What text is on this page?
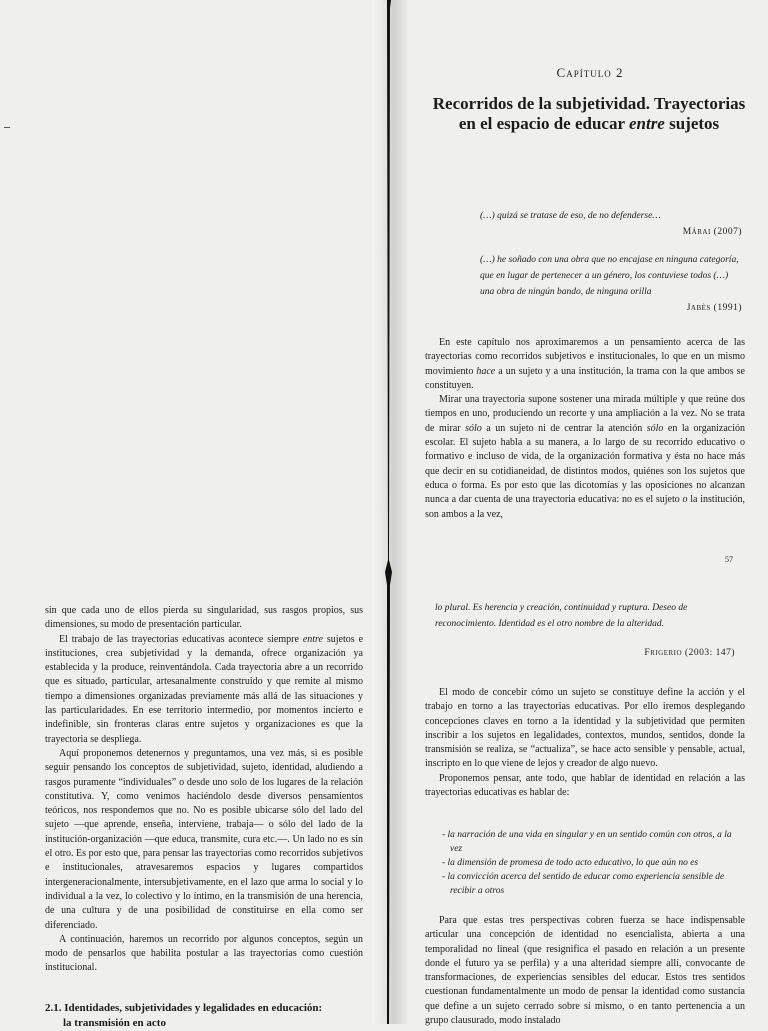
Capítulo 2
Recorridos de la subjetividad. Trayectorias
en el espacio de educar entre sujetos
(…) quizá se tratase de eso, de no defenderse…
Márai (2007)
(…) he soñado con una obra que no encajase en ninguna categoría, que en lugar de pertenecer a un género, los contuviese todos (…) una obra de ningún bando, de ninguna orilla
Jabès (1991)

En este capítulo nos aproximaremos a un pensamiento acerca de las trayectorias como recorridos subjetivos e institucionales, lo que en un mismo movimiento hace a un sujeto y a una institución, la trama con la que ambos se constituyen.

Mirar una trayectoria supone sostener una mirada múltiple y que reúne dos tiempos en uno, produciendo un recorte y una ampliación a la vez. No se trata de mirar sólo a un sujeto ni de centrar la atención sólo en la organización escolar. El sujeto habla a su manera, a lo largo de su recorrido educativo o formativo e incluso de vida, de la organización formativa y ésta no hace más que decir en su cotidianeidad, de distintos modos, quiénes son los sujetos que educa o forma. Es por esto que las dicotomías y las oposiciones no alcanzan nunca a dar cuenta de una trayectoria educativa: no es el sujeto o la institución, son ambos a la vez,

57

sin que cada uno de ellos pierda su singularidad, sus rasgos propios, sus dimensiones, su modo de presentación particular.

El trabajo de las trayectorias educativas acontece siempre entre sujetos e instituciones, crea subjetividad y la demanda, ofrece organización ya establecida y la produce, reinventándola. Cada trayectoria abre a un recorrido que es situado, particular, artesanalmente construido y que remite al mismo tiempo a dimensiones organizadas previamente más allá de las situaciones y las particularidades. En ese territorio intermedio, por momentos incierto e indefinible, sin fronteras claras entre sujetos y organizaciones es que la trayectoria se despliega.

Aquí proponemos detenernos y preguntamos, una vez más, si es posible seguir pensando los conceptos de subjetividad, sujeto, identidad, aludiendo a rasgos puramente “individuales” o desde uno solo de los lugares de la relación constitutiva. Y, como venimos haciéndolo desde diversos pensamientos teóricos, nos respondemos que no. No es posible ubicarse sólo del lado del sujeto —que aprende, enseña, interviene, trabaja— o sólo del lado de la institución-organización —que educa, transmite, cura etc.—. Un lado no es sin el otro. Es por esto que, para pensar las trayectorias como recorridos subjetivos e institucionales, atravesaremos espacios y lugares compartidos intergeneracionalmente, intersubjetivamente, en el lazo que arma lo social y lo individual a la vez, lo colectivo y lo íntimo, en la transmisión de una herencia, de una cultura y de una posibilidad de constituirse en ella como ser diferenciado.

A continuación, haremos un recorrido por algunos conceptos, según un modo de pensarlos que habilita postular a las trayectorias como cuestión institucional.

2.1. Identidades, subjetividades y legalidades en educación:
la transmisión en acto
lo plural. Es herencia y creación, continuidad y ruptura. Deseo de reconocimiento. Identidad es el otro nombre de la alteridad.
Frigerio (2003: 147)

El modo de concebir cómo un sujeto se constituye define la acción y el trabajo en torno a las trayectorias educativas. Por ello iremos desplegando concepciones claves en torno a la identidad y la subjetividad que permiten inscribir a los sujetos en legalidades, contextos, mundos, sentidos, donde la transmisión se realiza, se “actualiza”, se hace acto sensible y pensable, actual, inscripto en lo que viene de lejos y creador de algo nuevo.

Proponemos pensar, ante todo, que hablar de identidad en relación a las trayectorias educativas es hablar de:

- la narración de una vida en singular y en un sentido común con otros, a la vez
- la dimensión de promesa de todo acto educativo, lo que aún no es
- la convicción acerca del sentido de educar como experiencia sensible de recibir a otros

Para que estas tres perspectivas cobren fuerza se hace indispensable articular una concepción de identidad no esencialista, abierta a una temporalidad no lineal (que resignifica el pasado en relación a un presente donde el futuro ya se perfila) y a una alteridad siempre allí, convocante de transformaciones, de experiencias sensibles del educar. Estos tres sentidos cuestionan fundamentalmente un modo de pensar la identidad como sustancia que define a un sujeto cerrado sobre sí mismo, o en tanto pertenencia a un grupo clausurado, modo instalado
